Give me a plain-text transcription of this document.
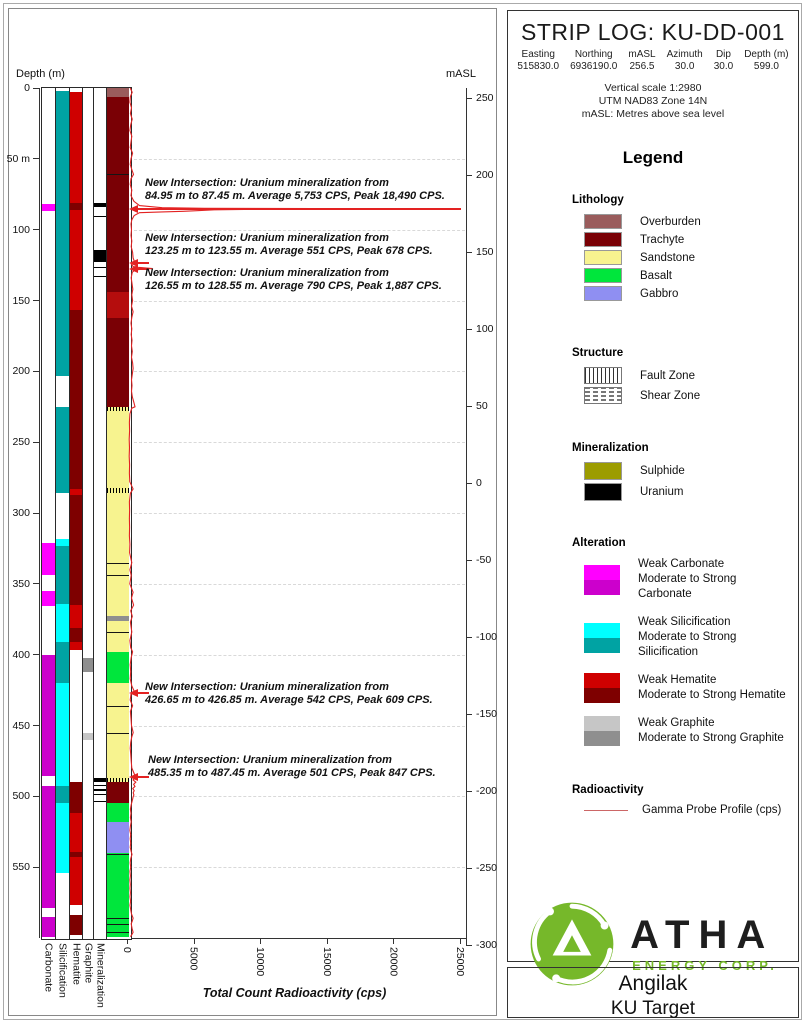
Depth (m)	mASL
Total Count Radioactivity (cps)
0
50 m
100
150
200
250
300
350
400
450
500
550
250
200
150
100
50
0
-50
-100
-150
-200
-250
-300
0	5000	10000	15000	20000	25000
Carbonate Silicification Hematite Graphite Mineralization
New Intersection: Uranium mineralization from
84.95 m to 87.45 m. Average 5,753 CPS, Peak 18,490 CPS.
New Intersection: Uranium mineralization from
123.25 m to 123.55 m. Average 551 CPS, Peak 678 CPS.
New Intersection: Uranium mineralization from
126.55 m to 128.55 m. Average 790 CPS, Peak 1,887 CPS.
New Intersection: Uranium mineralization from
426.65 m to 426.85 m. Average 542 CPS, Peak 609 CPS.
New Intersection: Uranium mineralization from
485.35 m to 487.45 m. Average 501 CPS, Peak 847 CPS.
STRIP LOG: KU-DD-001
Easting
515830.0
Northing
6936190.0
mASL
256.5
Azimuth
30.0
Dip
30.0
Depth (m)
599.0
Vertical scale 1:2980
UTM NAD83 Zone 14N
mASL: Metres above sea level
Legend
Lithology
Overburden
Trachyte
Sandstone
Basalt
Gabbro
Structure
Fault Zone
Shear Zone
Mineralization
Sulphide
Uranium
Alteration
Weak Carbonate
Moderate to Strong Carbonate
Weak Silicification
Moderate to Strong Silicification
Weak Hematite
Moderate to Strong Hematite
Weak Graphite
Moderate to Strong Graphite
Radioactivity
Gamma Probe Profile (cps)
ATHA
ENERGY CORP.
Angilak
KU Target
